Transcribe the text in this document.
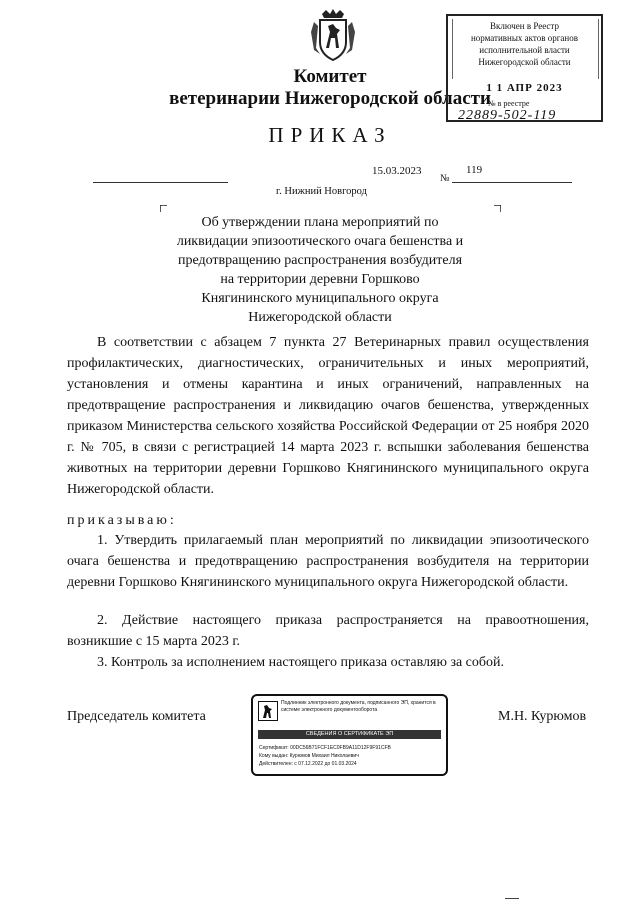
Комитет
ветеринарии Нижегородской области
ПРИКАЗ
Включен в Реестр
нормативных актов органов
исполнительной власти
Нижегородской области
1 1 АПР 2023
№ в реестре
22889-502-119
15.03.2023	119
№
г. Нижний Новгород
Об утверждении плана мероприятий по
ликвидации эпизоотического очага бешенства и
предотвращению распространения возбудителя
на территории деревни Горшково
Княгининского муниципального округа
Нижегородской области
В соответствии с абзацем 7 пункта 27 Ветеринарных правил осуществления профилактических, диагностических, ограничительных и иных мероприятий, установления и отмены карантина и иных ограничений, направленных на предотвращение распространения и ликвидацию очагов бешенства, утвержденных приказом Министерства сельского хозяйства Российской Федерации от 25 ноября 2020 г. № 705, в связи с регистрацией 14 марта 2023 г. вспышки заболевания бешенства животных на территории деревни Горшково Княгининского муниципального округа Нижегородской области.
приказываю:
1. Утвердить прилагаемый план мероприятий по ликвидации эпизоотического очага бешенства и предотвращению распространения возбудителя на территории деревни Горшково Княгининского муниципального округа Нижегородской области.
2. Действие настоящего приказа распространяется на правоотношения, возникшие с 15 марта 2023 г.
3. Контроль за исполнением настоящего приказа оставляю за собой.
Председатель комитета	М.Н. Курюмов
Подлинник электронного документа, подписанного ЭП, хранится в системе электронного документооборота
СВЕДЕНИЯ О СЕРТИФИКАТЕ ЭП
Сертификат: 00DC56B71FCF1EC0FB9A11D12F9F91CFB
Кому выдан: Курюмов Михаил Николаевич
Действителен: с 07.12.2022 до 01.03.2024
